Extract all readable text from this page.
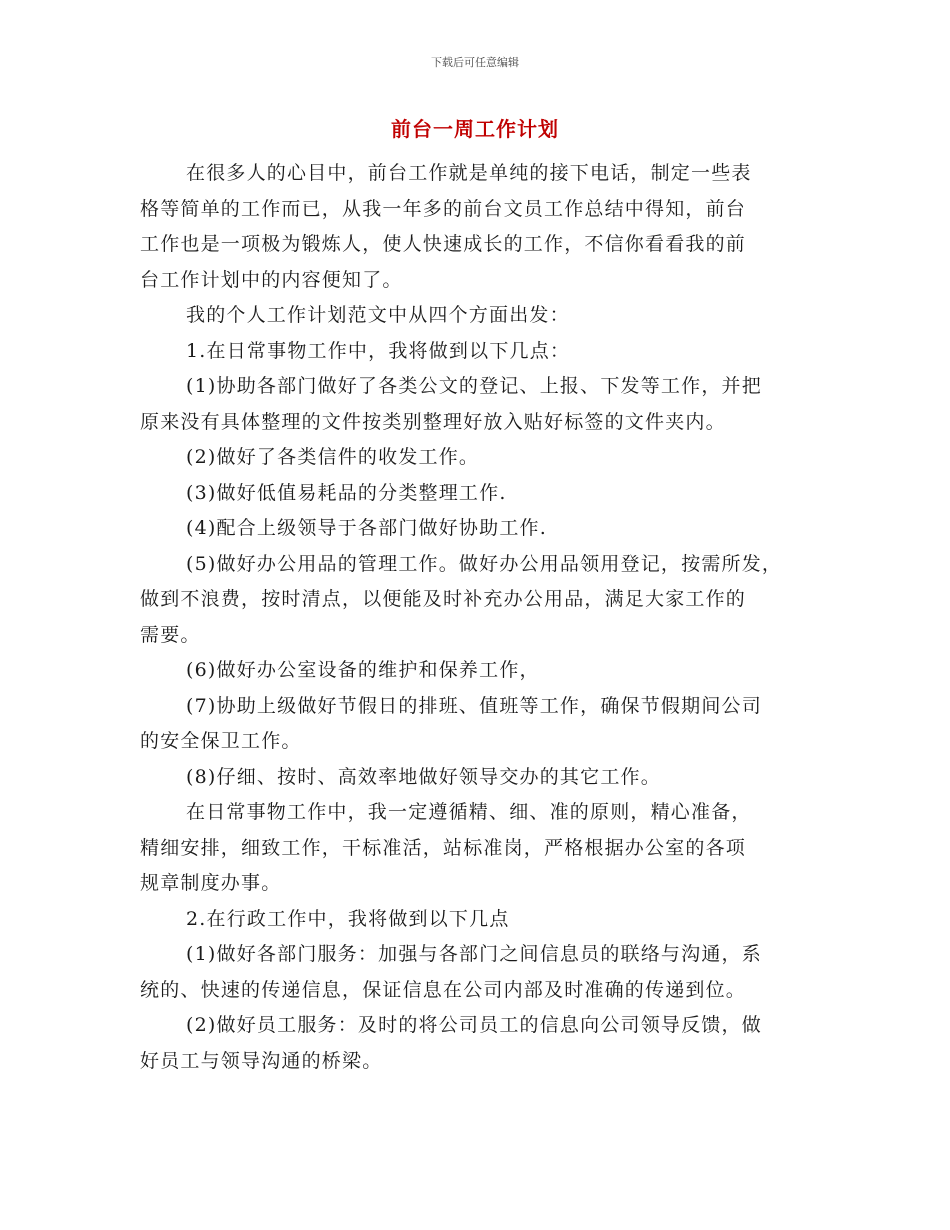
下载后可任意编辑
前台一周工作计划

在很多人的心目中，前台工作就是单纯的接下电话，制定一些表
格等简单的工作而已，从我一年多的前台文员工作总结中得知，前台
工作也是一项极为锻炼人，使人快速成长的工作，不信你看看我的前
台工作计划中的内容便知了。

我的个人工作计划范文中从四个方面出发：

1.在日常事物工作中，我将做到以下几点：

(1)协助各部门做好了各类公文的登记、上报、下发等工作，并把
原来没有具体整理的文件按类别整理好放入贴好标签的文件夹内。

(2)做好了各类信件的收发工作。

(3)做好低值易耗品的分类整理工作.

(4)配合上级领导于各部门做好协助工作.

(5)做好办公用品的管理工作。做好办公用品领用登记，按需所发，
做到不浪费，按时清点，以便能及时补充办公用品，满足大家工作的
需要。

(6)做好办公室设备的维护和保养工作，

(7)协助上级做好节假日的排班、值班等工作，确保节假期间公司
的安全保卫工作。

(8)仔细、按时、高效率地做好领导交办的其它工作。

在日常事物工作中，我一定遵循精、细、准的原则，精心准备，
精细安排，细致工作，干标准活，站标准岗，严格根据办公室的各项
规章制度办事。

2.在行政工作中，我将做到以下几点

(1)做好各部门服务：加强与各部门之间信息员的联络与沟通，系
统的、快速的传递信息，保证信息在公司内部及时准确的传递到位。

(2)做好员工服务：及时的将公司员工的信息向公司领导反馈，做
好员工与领导沟通的桥梁。
